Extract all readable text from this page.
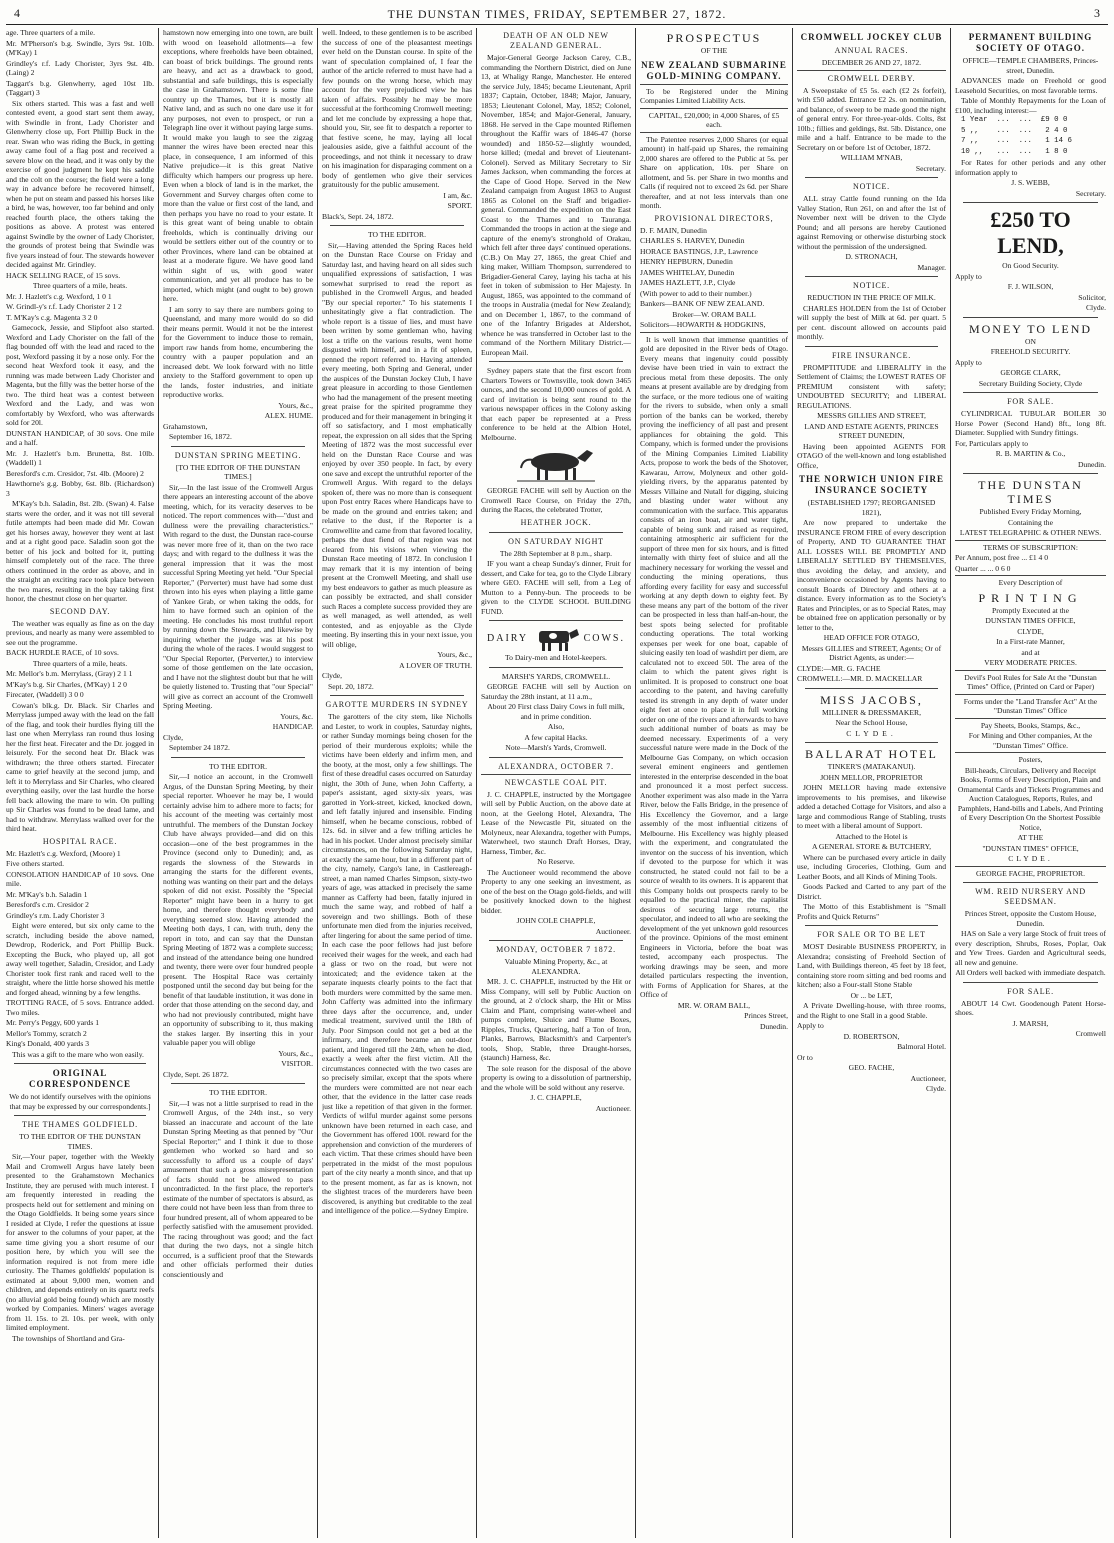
4	THE DUNSTAN TIMES, FRIDAY, SEPTEMBER 27, 1872.	3

age. Three quarters of a mile.

Mr. M'Pherson's b.g. Swindle, 3yrs 9st. 10lb. (M'Kay) 1

Grindley's r.f. Lady Chorister, 3yrs 9st. 4lb. (Laing) 2

Taggart's b.g. Glenwherry, aged 10st 1lb. (Taggart) 3

Six others started. This was a fast and well contested event, a good start sent them away, with Swindle in front, Lady Chorister and Glenwherry close up, Fort Phillip Buck in the rear. Swan who was riding the Buck, in getting away came foul of a flag post and received a severe blow on the head, and it was only by the exercise of good judgment he kept his saddle and the colt on the course; the field were a long way in advance before he recovered himself, when he put on steam and passed his horses like a bird, he was, however, too far behind and only reached fourth place, the others taking the positions as above. A protest was entered against Swindle by the owner of Lady Chorister, the grounds of protest being that Swindle was five years instead of four. The stewards however decided against Mr. Grindley.

HACK SELLING RACE, of 15 sovs.

Three quarters of a mile, heats.

Mr. J. Hazlett's c.g. Wexford, 1 0 1

W. Grindl-y's r.f. Lady Chorister 2 1 2

T. M'Kay's c.g. Magenta 3 2 0

Gamecock, Jessie, and Slipfoot also started. Wexford and Lady Chorister on the fall of the flag bounded off with the lead and raced to the post, Wexford passing it by a nose only. For the second heat Wexford took it easy, and the running was made between Lady Chorister and Magenta, but the filly was the better horse of the two. The third heat was a contest between Wexford and the Lady, and was won comfortably by Wexford, who was afterwards sold for 20l.

DUNSTAN HANDICAP, of 30 sovs. One mile and a half.

Mr. J. Hazlett's b.m. Brunetta, 8st. 10lb. (Waddell) 1

Beresford's c.m. Cresidor, 7st. 4lb. (Moore) 2

Hawthorne's g.g. Bobby, 6st. 8lb. (Richardson) 3

M'Kay's b.h. Saladin, 8st. 2lb. (Swan) 4. False starts were the order, and it was not till several futile attempts had been made did Mr. Cowan get his horses away, however they went at last and at a right good pace. Saladin soon got the better of his jock and bolted for it, putting himself completely out of the race. The three others continued in the order as above, and in the straight an exciting race took place between the two mares, resulting in the bay taking first honor, the chestnut close on her quarter.

SECOND DAY.

The weather was equally as fine as on the day previous, and nearly as many were assembled to see out the programme.

BACK HURDLE RACE, of 10 sovs.

Three quarters of a mile, heats.

Mr. Mellor's b.m. Merrylass, (Gray) 2 1 1

M'Kay's b.g. Sir Charles, (M'Kay) 1 2 0

Firecater, (Waddell) 3 0 0

Cowan's blk.g. Dr. Black. Sir Charles and Merrylass jumped away with the lead on the fall of the flag, and took their hurdles flying till the last one when Merrylass ran round thus losing her the first heat. Firecater and the Dr. jogged in leisurely. For the second heat Dr. Black was withdrawn; the three others started. Firecater came to grief heavily at the second jump, and left it to Merrylass and Sir Charles, who cleared everything easily, over the last hurdle the horse fell back allowing the mare to win. On pulling up Sir Charles was found to be dead lame, and had to withdraw. Merrylass walked over for the third heat.

HOSPITAL RACE.

Mr. Hazlett's c.g. Wexford, (Moore) 1

Five others started.

CONSOLATION HANDICAP of 10 sovs. One mile.

Mr. M'Kay's b.h. Saladin 1

Beresford's c.m. Cresidor 2

Grindley's r.m. Lady Chorister 3

Eight were entered, but six only came to the scratch, including beside the above named, Dewdrop, Roderick, and Port Phillip Buck. Excepting the Buck, who played up, all got away well together, Saladin, Cresidor, and Lady Chorister took first rank and raced well to the straight, where the little horse showed his mettle and forged ahead, winning by a few lengths.

TROTTING RACE, of 5 sovs. Entrance added. Two miles.

Mr. Perry's Peggy, 600 yards 1

Mellor's Tommy, scratch 2

King's Donald, 400 yards 3

This was a gift to the mare who won easily.

ORIGINAL CORRESPONDENCE

We do not identify ourselves with the opinions that may be expressed by our correspondents.]

THE THAMES GOLDFIELD.

TO THE EDITOR OF THE DUNSTAN TIMES.

Sir,—Your paper, together with the Weekly Mail and Cromwell Argus have lately been presented to the Grahamstown Mechanics Institute, they are perused with much interest. I am frequently interested in reading the prospects held out for settlement and mining on the Otago Goldfields. It being some years since I resided at Clyde, I refer the questions at issue for answer to the columns of your paper, at the same time giving you a short resume of our position here, by which you will see the information required is not from mere idle curiosity. The Thames goldfields' population is estimated at about 9,000 men, women and children, and depends entirely on its quartz reefs (no alluvial gold being found) which are mostly worked by Companies. Miners' wages average from 1l. 15s. to 2l. 10s. per week, with only limited employment.

The townships of Shortland and Gra-

hamstown now emerging into one town, are built with wood on leasehold allotments—a few exceptions, where freeholds have been obtained, can boast of brick buildings. The ground rents are heavy, and act as a drawback to good, substantial and safe buildings, this is especially the case in Grahamstown. There is some fine country up the Thames, but it is mostly all Native land, and as such no one dare use it for any purposes, not even to prospect, or run a Telegraph line over it without paying large sums. It would make you laugh to see the zigzag manner the wires have been erected near this place, in consequence, I am informed of this Native prejudice—it is this great Native difficulty which hampers our progress up here. Even when a block of land is in the market, the Government and Survey charges often come to more than the value or first cost of the land, and then perhaps you have no road to your estate. It is this great want of being unable to obtain freeholds, which is continually driving our would be settlers either out of the country or to other Provinces, where land can be obtained at least at a moderate figure. We have good land within sight of us, with good water communication, and yet all produce has to be imported, which might (and ought to be) grown here.

I am sorry to say there are numbers going to Queensland, and many more would do so did their means permit. Would it not be the interest for the Government to induce those to remain, import raw hands from home, encumbering the country with a pauper population and an increased debt. We look forward with no little anxiety to the Stafford government to open up the lands, foster industries, and initiate reproductive works.

Yours, &c.,

ALEX. HUME.

Grahamstown,

September 16, 1872.

DUNSTAN SPRING MEETING.

[TO THE EDITOR OF THE DUNSTAN TIMES.]

Sir,—In the last issue of the Cromwell Argus there appears an interesting account of the above meeting, which, for its veracity deserves to be noticed. The report commences with—"dust and dullness were the prevailing characteristics." With regard to the dust, the Dunstan race-course was never more free of it, than on the two race days; and with regard to the dullness it was the general impression that it was the most successful Spring Meeting yet held. "Our Special Reporter," (Perverter) must have had some dust thrown into his eyes when playing a little game of Yankee Grab, or when taking the odds, for him to have formed such an opinion of the meeting. He concludes his most truthful report by running down the Stewards, and likewise by inquiring whether the judge was at his post during the whole of the races. I would suggest to "Our Special Reporter, (Perverter,) to interview some of those gentlemen on the late occasion, and I have not the slightest doubt but that he will be quietly listened to. Trusting that "our Special" will give as correct an account of the Cromwell Spring Meeting.

Yours, &c.

HANDICAP.

Clyde,

September 24 1872.

TO THE EDITOR.

Sir,—I notice an account, in the Cromwell Argus, of the Dunstan Spring Meeting, by their special reporter. Whoever he may be, I would certainly advise him to adhere more to facts; for his account of the meeting was certainly most untruthful. The members of the Dunstan Jockey Club have always provided—and did on this occasion—one of the best programmes in the Province (second only to Dunedin); and, as regards the slowness of the Stewards in arranging the starts for the different events, nothing was wanting on their part and the delays spoken of did not exist. Possibly the "Special Reporter" might have been in a hurry to get home, and therefore thought everybody and everything seemed slow. Having attended the Meeting both days, I can, with truth, deny the report in toto, and can say that the Dunstan Spring Meeting of 1872 was a complete success; and instead of the attendance being one hundred and twenty, there were over four hundred people present. The Hospital Race was certainly postponed until the second day but being for the benefit of that laudable institution, it was done in order that those attending on the second day, and who had not previously contributed, might have an opportunity of subscribing to it, thus making the stakes larger. By inserting this in your valuable paper you will oblige

Yours, &c.,

VISITOR.

Clyde, Sept. 26 1872.

TO THE EDITOR.

Sir,—I was not a little surprised to read in the Cromwell Argus, of the 24th inst., so very biassed an inaccurate and account of the late Dunstan Spring Meeting as that penned by "Our Special Reporter;" and I think it due to those gentlemen who worked so hard and so successfully to afford us a couple of days' amusement that such a gross misrepresentation of facts should not be allowed to pass uncontradicted. In the first place, the reporter's estimate of the number of spectators is absurd, as there could not have been less than from three to four hundred present, all of whom appeared to be perfectly satisfied with the amusement provided. The racing throughout was good; and the fact that during the two days, not a single hitch occurred, is a sufficient proof that the Stewards and other officials performed their duties conscientiously and

well. Indeed, to these gentlemen is to be ascribed the success of one of the pleasantest meetings ever held on the Dunstan course. In spite of the want of speculation complained of, I fear the author of the article referred to must have had a few pounds on the wrong horse, which may account for the very prejudiced view he has taken of affairs. Possibly he may be more successful at the forthcoming Cromwell meeting; and let me conclude by expressing a hope that, should you, Sir, see fit to despatch a reporter to that festive scene, he may, laying all local jealousies aside, give a faithful account of the proceedings, and not think it necessary to draw on his imagination for disparaging comment on a body of gentlemen who give their services gratuitously for the public amusement.

I am, &c.

SPORT.

Black's, Sept. 24, 1872.

TO THE EDITOR.

Sir,—Having attended the Spring Races held on the Dunstan Race Course on Friday and Saturday last, and having heard on all sides such unqualified expressions of satisfaction, I was somewhat surprised to read the report as published in the Cromwell Argus, and headed "By our special reporter." To his statements I unhesitatingly give a flat contradiction. The whole report is a tissue of lies, and must have been written by some gentleman who, having lost a trifle on the various results, went home disgusted with himself, and in a fit of spleen, penned the report referred to. Having attended every meeting, both Spring and General, under the auspices of the Dunstan Jockey Club, I have great pleasure in according to those Gentlemen who had the management of the present meeting great praise for the spirited programme they produced and for their management in bringing it off so satisfactory, and I most emphatically repeat, the expression on all sides that the Spring Meeting of 1872 was the most successful ever held on the Dunstan Race Course and was enjoyed by over 350 people. In fact, by every one save and except the untruthful reporter of the Cromwell Argus. With regard to the delays spoken of, there was no more than is consequent upon Post entry Races where Handicaps have to be made on the ground and entries taken; and relative to the dust, if the Reporter is a Cromwellite and came from that favored locality, perhaps the dust fiend of that region was not cleared from his visions when viewing the Dunstan Race meeting of 1872. In conclusion I may remark that it is my intention of being present at the Cromwell Meeting, and shall use my best endeavors to gather as much pleasure as can possibly be extracted, and shall consider such Races a complete success provided they are as well managed, as well attended, as well contested, and as enjoyable as the Clyde meeting. By inserting this in your next issue, you will oblige,

Yours, &c.,

A LOVER OF TRUTH.

Clyde,

Sept. 20, 1872.

GAROTTE MURDERS IN SYDNEY

The garotters of the city stem, like Nicholls and Lester, to work in couples, Saturday nights, or rather Sunday mornings being chosen for the period of their murderous exploits; while the victims have been elderly and infirm men, and the booty, at the most, only a few shillings. The first of these dreadful cases occurred on Saturday night, the 30th of June, when John Cafferty, a paper's assistant, aged sixty-six years, was garotted in York-street, kicked, knocked down, and left fatally injured and insensible. Finding himself, when he became conscious, robbed of 12s. 6d. in silver and a few trifling articles he had in his pocket. Under almost precisely similar circumstances, on the following Saturday night, at exactly the same hour, but in a different part of the city, namely, Cargo's lane, in Castlereagh-street, a man named Charles Simpson, sixty-two years of age, was attacked in precisely the same manner as Cafferty had been, fatally injured in much the same way, and robbed of half a sovereign and two shillings. Both of these unfortunate men died from the injuries received, after lingering for about the same period of time. In each case the poor fellows had just before received their wages for the week, and each had a glass or two on the road, but were not intoxicated; and the evidence taken at the separate inquests clearly points to the fact that both murders were committed by the same men. John Cafferty was admitted into the infirmary three days after the occurrence, and, under medical treatment, survived until the 18th of July. Poor Simpson could not get a bed at the infirmary, and therefore became an out-door patient, and lingered till the 24th, when he died, exactly a week after the first victim. All the circumstances connected with the two cases are so precisely similar, except that the spots where the murders were committed are not near each other, that the evidence in the latter case reads just like a repetition of that given in the former. Verdicts of wilful murder against some persons unknown have been returned in each case, and the Government has offered 100l. reward for the apprehension and conviction of the murderers of each victim. That these crimes should have been perpetrated in the midst of the most populous part of the city nearly a month since, and that up to the present moment, as far as is known, not the slightest traces of the murderers have been discovered, is anything but creditable to the zeal and intelligence of the police.—Sydney Empire.

DEATH OF AN OLD NEW ZEALAND GENERAL.

Major-General George Jackson Carey, C.B., commanding the Northern District, died on June 13, at Whaligy Range, Manchester. He entered the service July, 1845; became Lieutenant, April 1837; Captain, October, 1848; Major, January, 1853; Lieutenant Colonel, May, 1852; Colonel, November, 1854; and Major-General, January, 1868. He served in the Cape mounted Riflemen throughout the Kaffir wars of 1846-47 (horse wounded) and 1850-52—slightly wounded, horse killed; (medal and brevet of Lieutenant-Colonel). Served as Military Secretary to Sir James Jackson, when commanding the forces at the Cape of Good Hope. Served in the New Zealand campaign from August 1863 to August 1865 as Colonel on the Staff and brigadier-general. Commanded the expedition on the East Coast to the Thames and to Tauranga. Commanded the troops in action at the siege and capture of the enemy's stronghold of Orakau, which fell after three days' continued operations. (C.B.) On May 27, 1865, the great Chief and king maker, William Thompson, surrendered to Brigadier-General Carey, laying his tacha at his feet in token of submission to Her Majesty. In August, 1865, was appointed to the command of the troops in Australia (medal for New Zealand); and on December 1, 1867, to the command of one of the Infantry Brigades at Aldershot, whence he was transferred in October last to the command of the Northern Military District.—European Mail.

Sydney papers state that the first escort from Charters Towers or Townsville, took down 3465 ounces, and the second 10,000 ounces of gold. A card of invitation is being sent round to the various newspaper offices in the Colony asking that each paper be represented at a Press conference to be held at the Albion Hotel, Melbourne.

GEORGE FACHE will sell by Auction on the Cromwell Race Course, on Friday the 27th, during the Races, the celebrated Trotter,

HEATHER JOCK.
ON SATURDAY NIGHT

The 28th September at 8 p.m., sharp.

IF you want a cheap Sunday's dinner, Fruit for dessert, and Cake for tea, go to the Clyde Library where GEO. FACHE will sell, from a Leg of Mutton to a Penny-bun. The proceeds to be given to the CLYDE SCHOOL BUILDING FUND.

DAIRY	COWS.

To Dairy-men and Hotel-keepers.

MARSH'S YARDS, CROMWELL.

GEORGE FACHE will sell by Auction on Saturday the 28th instant, at 11 a.m.,

About 20 First class Dairy Cows in full milk, and in prime condition.

Also,

A few capital Hacks.

Note—Marsh's Yards, Cromwell.

ALEXANDRA, OCTOBER 7.
NEWCASTLE COAL PIT.

J. C. CHAPPLE, instructed by the Mortgagee will sell by Public Auction, on the above date at noon, at the Geelong Hotel, Alexandra, The Lease of the Newcastle Pit, situated on the Molyneux, near Alexandra, together with Pumps, Waterwheel, two staunch Draft Horses, Dray, Harness, Timber, &c.

No Reserve.

The Auctioneer would recommend the above Property to any one seeking an investment, as one of the best on the Otago gold-fields, and will be positively knocked down to the highest bidder.

JOHN COLE CHAPPLE,

Auctioneer.

MONDAY, OCTOBER 7 1872.

Valuable Mining Property, &c., at ALEXANDRA.

MR. J. C. CHAPPLE, instructed by the Hit or Miss Company, will sell by Public Auction on the ground, at 2 o'clock sharp, the Hit or Miss Claim and Plant, comprising water-wheel and pumps complete, Sluice and Flume Boxes, Ripples, Trucks, Quartering, half a Ton of Iron, Planks, Barrows, Blacksmith's and Carpenter's tools, Shop, Stable, three Draught-horses, (staunch) Harness, &c.

The sole reason for the disposal of the above property is owing to a dissolution of partnership, and the whole will be sold without any reserve.

J. C. CHAPPLE,

Auctioneer.

PROSPECTUS

OF THE

NEW ZEALAND SUBMARINE GOLD-MINING COMPANY.

To be Registered under the Mining Companies Limited Liability Acts.

CAPITAL, £20,000; in 4,000 Shares, of £5 each.

The Patentee reserves 2,000 Shares (or equal amount) in half-paid up Shares, the remaining 2,000 shares are offered to the Public at 5s. per Share on application, 10s. per Share on allotment, and 5s. per Share in two months and Calls (if required not to exceed 2s 6d. per Share thereafter, and at not less intervals than one month.

PROVISIONAL DIRECTORS,

D. F. MAIN, Dunedin

CHARLES S. HARVEY, Dunedin

HORACE BASTINGS, J.P., Lawrence

HENRY HEPBURN, Dunedin

JAMES WHITELAY, Dunedin

JAMES HAZLETT, J.P., Clyde

(With power to add to their number.)

Bankers—BANK OF NEW ZEALAND.

Broker—W. ORAM BALL

Solicitors—HOWARTH & HODGKINS,

It is well known that immense quantities of gold are deposited in the River beds of Otago. Every means that ingenuity could possibly devise have been tried in vain to extract the precious metal from these deposits. The only means at present available are by dredging from the surface, or the more tedious one of waiting for the rivers to subside, when only a small portion of the banks can be worked, thereby proving the inefficiency of all past and present appliances for obtaining the gold. This Company, which is formed under the provisions of the Mining Companies Limited Liability Acts, propose to work the beds of the Shotover, Kawarau, Arrow, Molyneux and other gold-yielding rivers, by the apparatus patented by Messrs Villaine and Nutall for digging, sluicing and blasting under water without any communication with the surface. This apparatus consists of an iron boat, air and water tight, capable of being sunk and raised as required, containing atmospheric air sufficient for the support of three men for six hours, and is fitted internally with thirty feet of sluice and all the machinery necessary for working the vessel and conducting the mining operations, thus affording every facility for easy and successful working at any depth down to eighty feet. By these means any part of the bottom of the river can be prospected in less than half-an-hour, the best spots being selected for profitable conducting operations. The total working expenses per week for one boat, capable of sluicing easily ten load of washdirt per diem, are calculated not to exceed 50l. The area of the claim to which the patent gives right is unlimited. It is proposed to construct one boat according to the patent, and having carefully tested its strength in any depth of water under eight feet at once to place it in full working order on one of the rivers and afterwards to have such additional number of boats as may be deemed necessary. Experiments of a very successful nature were made in the Dock of the Melbourne Gas Company, on which occasion several eminent engineers and gentlemen interested in the enterprise descended in the boat and pronounced it a most perfect success. Another experiment was also made in the Yarra River, below the Falls Bridge, in the presence of His Excellency the Governor, and a large assembly of the most influential citizens of Melbourne. His Excellency was highly pleased with the experiment, and congratulated the inventor on the success of his invention, which if devoted to the purpose for which it was constructed, he stated could not fail to be a source of wealth to its owners. It is apparent that this Company holds out prospects rarely to be equalled to the practical miner, the capitalist desirous of securing large returns, the speculator, and indeed to all who are seeking the development of the yet unknown gold resources of the province. Opinions of the most eminent Engineers in Victoria, before the boat was tested, accompany each prospectus. The working drawings may be seen, and more detailed particulars respecting the invention, with Forms of Application for Shares, at the Office of

MR. W. ORAM BALL,

Princes Street,

Dunedin.

CROMWELL JOCKEY CLUB
ANNUAL RACES.

DECEMBER 26 AND 27, 1872.

CROMWELL DERBY.

A Sweepstake of £5 5s. each (£2 2s forfeit), with £50 added. Entrance £2 2s. on nomination, and balance, of sweep to be made good the night of general entry. For three-year-olds. Colts, 8st 10lb.; fillies and geldings, 8st. 5lb. Distance, one mile and a half. Entrance to be made to the Secretary on or before 1st of October, 1872.

WILLIAM M'NAB,

Secretary.

NOTICE.

ALL stray Cattle found running on the Ida Valley Station, Run 261, on and after the 1st of November next will be driven to the Clyde Pound; and all persons are hereby Cautioned against Removing or otherwise disturbing stock without the permission of the undersigned.

D. STRONACH,

Manager.

NOTICE.

REDUCTION IN THE PRICE OF MILK.

CHARLES HOLDEN from the 1st of October will supply the best of Milk at 6d. per quart. 5 per cent. discount allowed on accounts paid monthly.

FIRE INSURANCE.

PROMPTITUDE and LIBERALITY in the Settlement of Claims; the LOWEST RATES OF PREMIUM consistent with safety; UNDOUBTED SECURITY; and LIBERAL REGULATIONS.

MESSRS GILLIES AND STREET,

LAND AND ESTATE AGENTS, PRINCES STREET DUNEDIN,

Having been appointed AGENTS FOR OTAGO of the well-known and long established Office,

THE NORWICH UNION FIRE INSURANCE SOCIETY

(ESTABLISHED 1797; REORGANISED 1821),

Are now prepared to undertake the INSURANCE FROM FIRE of every description of Property, AND TO GUARANTEE THAT ALL LOSSES WILL BE PROMPTLY AND LIBERALLY SETTLED BY THEMSELVES, thus avoiding the delay, and anxiety, and inconvenience occasioned by Agents having to consult Boards of Directory and others at a distance. Every information as to the Society's Rates and Principles, or as to Special Rates, may be obtained free on application personally or by letter to the,

HEAD OFFICE FOR OTAGO,

Messrs GILLIES and STREET, Agents; Or of District Agents, as under:—

CLYDE:—MR. G. FACHE

CROMWELL:—MR. D. MACKELLAR

MISS JACOBS,

MILLINER & DRESSMAKER,

Near the School House,

CLYDE.

BALLARAT HOTEL

TINKER'S (MATAKANUI).

JOHN MELLOR, PROPRIETOR

JOHN MELLOR having made extensive improvements to his premises, and likewise added a detached Cottage for Visitors, and also a large and commodious Range of Stabling, trusts to meet with a liberal amount of Support.

Attached to the Hotel is

A GENERAL STORE & BUTCHERY,

Where can be purchased every article in daily use, including Groceries, Clothing, Gum and Leather Boots, and all Kinds of Mining Tools.

Goods Packed and Carted to any part of the District.

The Motto of this Establishment is "Small Profits and Quick Returns"

FOR SALE OR TO BE LET

MOST Desirable BUSINESS PROPERTY, in Alexandra; consisting of Freehold Section of Land, with Buildings thereon, 45 feet by 18 feet, containing store room sitting and bed rooms and kitchen; also a Four-stall Stone Stable

Or ... be LET,

A Private Dwelling-house, with three rooms, and the Right to one Stall in a good Stable.

Apply to

D. ROBERTSON,

Balmoral Hotel.

Or to

GEO. FACHE,

Auctioneer,

Clyde.

PERMANENT BUILDING SOCIETY OF OTAGO.

OFFICE—TEMPLE CHAMBERS, Princes-street, Dunedin.

ADVANCES made on Freehold or good Leasehold Securities, on most favorable terms.

Table of Monthly Repayments for the Loan of £100, including interest:—

1 Year  ...  ...  £9 0 0

5 ,,    ...  ...   2 4 0

7 ,,    ...  ...   1 14 6

10 ,,   ...  ...   1 8 0

For Rates for other periods and any other information apply to

J. S. WEBB,

Secretary.

£250 TO LEND,

On Good Security.

Apply to

F. J. WILSON,

Solicitor,

Clyde.

MONEY TO LEND

ON

FREEHOLD SECURITY.

Apply to

GEORGE CLARK,

Secretary Building Society, Clyde

FOR SALE.

CYLINDRICAL TUBULAR BOILER 30 Horse Power (Second Hand) 8ft., long 8ft. Diameter. Supplied with Sundry fittings.

For, Particulars apply to

R. B. MARTIN & Co.,

Dunedin.

THE DUNSTAN TIMES

Published Every Friday Morning,

Containing the

LATEST TELEGRAPHIC & OTHER NEWS.

TERMS OF SUBSCRIPTION:

Per Annum, post free ... £1 4 0

Quarter ... ... 0 6 0

Every Description of

PRINTING

Promptly Executed at the

DUNSTAN TIMES OFFICE,

CLYDE,

In a First-rate Manner,

and at

VERY MODERATE PRICES.

Devil's Pool Rules for Sale At the "Dunstan Times" Office, (Printed on Card or Paper)

Forms under the "Land Transfer Act" At the "Dunstan Times" Office

Pay Sheets, Books, Stamps, &c.,

For Mining and Other companies, At the "Dunstan Times" Office.

Posters,

Bill-heads, Circulars, Delivery and Receipt Books, Forms of Every Description, Plain and Ornamental Cards and Tickets Programmes and Auction Catalogues, Reports, Rules, and Pamphlets, Hand-bills and Labels, And Printing of Every Description On the Shortest Possible Notice,

AT THE

"DUNSTAN TIMES" OFFICE,

CLYDE.

GEORGE FACHE, PROPRIETOR.

WM. REID NURSERY AND SEEDSMAN.

Princes Street, opposite the Custom House, Dunedin.

HAS on Sale a very large Stock of fruit trees of every description, Shrubs, Roses, Poplar, Oak and Yew Trees. Garden and Agricultural seeds, all new and genuine.

All Orders well backed with immediate despatch.

FOR SALE.

ABOUT 14 Cwt. Goodenough Patent Horse-shoes.

J. MARSH,

Cromwell
